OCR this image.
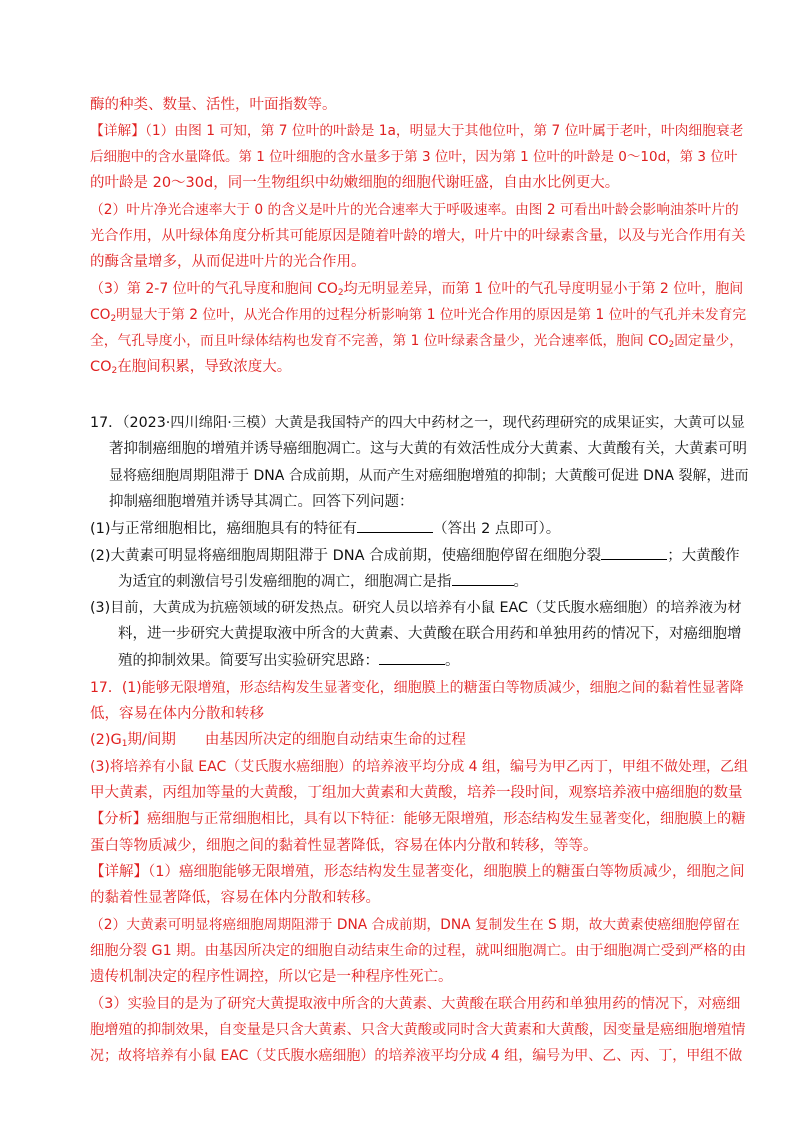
酶的种类、数量、活性，叶面指数等。
【详解】（1）由图 1 可知，第 7 位叶的叶龄是 1a，明显大于其他位叶，第 7 位叶属于老叶，叶肉细胞衰老
后细胞中的含水量降低。第 1 位叶细胞的含水量多于第 3 位叶，因为第 1 位叶的叶龄是 0～10d，第 3 位叶
的叶龄是 20～30d，同一生物组织中幼嫩细胞的细胞代谢旺盛，自由水比例更大。
（2）叶片净光合速率大于 0 的含义是叶片的光合速率大于呼吸速率。由图 2 可看出叶龄会影响油茶叶片的
光合作用，从叶绿体角度分析其可能原因是随着叶龄的增大，叶片中的叶绿素含量，以及与光合作用有关
的酶含量增多，从而促进叶片的光合作用。
（3）第 2-7 位叶的气孔导度和胞间 $CO_2$均无明显差异，而第 1 位叶的气孔导度明显小于第 2 位叶，胞间
$CO_2$明显大于第 2 位叶，从光合作用的过程分析影响第 1 位叶光合作用的原因是第 1 位叶的气孔并未发育完
全，气孔导度小，而且叶绿体结构也发育不完善，第 1 位叶绿素含量少，光合速率低，胞间 $CO_2$固定量少，
$CO_2$在胞间积累，导致浓度大。
17．（2023·四川绵阳·三模）大黄是我国特产的四大中药材之一，现代药理研究的成果证实，大黄可以显
著抑制癌细胞的增殖并诱导癌细胞凋亡。这与大黄的有效活性成分大黄素、大黄酸有关，大黄素可明
显将癌细胞周期阻滞于 DNA 合成前期，从而产生对癌细胞增殖的抑制；大黄酸可促进 DNA 裂解，进而
抑制癌细胞增殖并诱导其凋亡。回答下列问题：
(1)与正常细胞相比，癌细胞具有的特征有	（答出 2 点即可）。
(2)大黄素可明显将癌细胞周期阻滞于 DNA 合成前期，使癌细胞停留在细胞分裂	；大黄酸作
为适宜的刺激信号引发癌细胞的凋亡，细胞凋亡是指	。
(3)目前，大黄成为抗癌领域的研发热点。研究人员以培养有小鼠 EAC（艾氏腹水癌细胞）的培养液为材
料，进一步研究大黄提取液中所含的大黄素、大黄酸在联合用药和单独用药的情况下，对癌细胞增
殖的抑制效果。简要写出实验研究思路：	。
17．(1)能够无限增殖，形态结构发生显著变化，细胞膜上的糖蛋白等物质减少，细胞之间的黏着性显著降
低，容易在体内分散和转移
$(2)G_1$期/间期　　由基因所决定的细胞自动结束生命的过程
(3)将培养有小鼠 EAC（艾氏腹水癌细胞）的培养液平均分成 4 组，编号为甲乙丙丁，甲组不做处理，乙组
甲大黄素，丙组加等量的大黄酸，丁组加大黄素和大黄酸，培养一段时间，观察培养液中癌细胞的数量
【分析】癌细胞与正常细胞相比，具有以下特征：能够无限增殖，形态结构发生显著变化，细胞膜上的糖
蛋白等物质减少，细胞之间的黏着性显著降低，容易在体内分散和转移，等等。
【详解】（1）癌细胞能够无限增殖，形态结构发生显著变化，细胞膜上的糖蛋白等物质减少，细胞之间
的黏着性显著降低，容易在体内分散和转移。
（2）大黄素可明显将癌细胞周期阻滞于 DNA 合成前期，DNA 复制发生在 S 期，故大黄素使癌细胞停留在
细胞分裂 G1 期。由基因所决定的细胞自动结束生命的过程，就叫细胞凋亡。由于细胞凋亡受到严格的由
遗传机制决定的程序性调控，所以它是一种程序性死亡。
（3）实验目的是为了研究大黄提取液中所含的大黄素、大黄酸在联合用药和单独用药的情况下，对癌细
胞增殖的抑制效果，自变量是只含大黄素、只含大黄酸或同时含大黄素和大黄酸，因变量是癌细胞增殖情
况；故将培养有小鼠 EAC（艾氏腹水癌细胞）的培养液平均分成 4 组，编号为甲、乙、丙、丁，甲组不做
